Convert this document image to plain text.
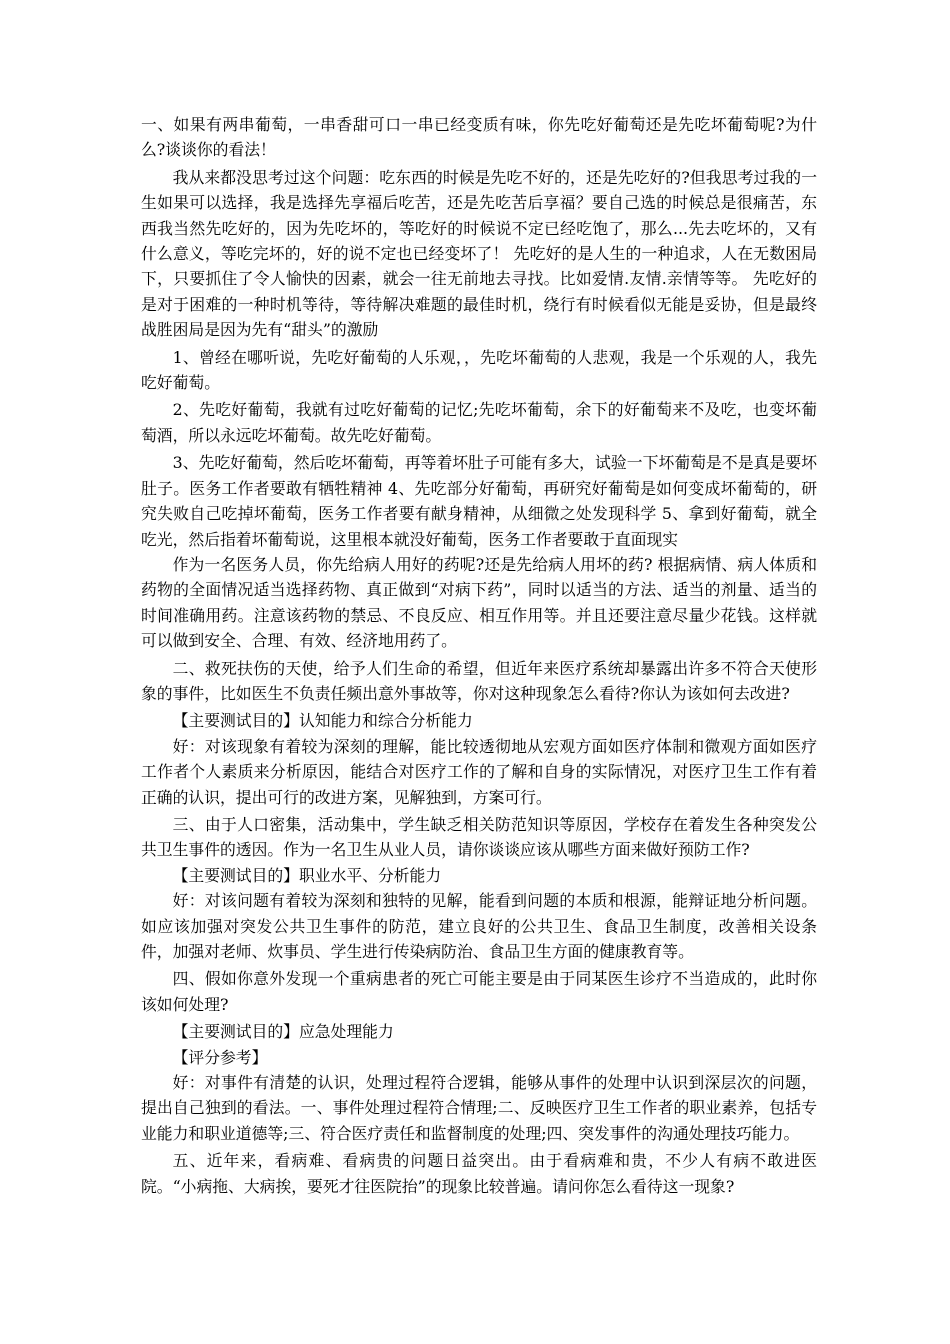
一、如果有两串葡萄，一串香甜可口一串已经变质有味，你先吃好葡萄还是先吃坏葡萄呢?为什么?谈谈你的看法！

我从来都没思考过这个问题：吃东西的时候是先吃不好的，还是先吃好的?但我思考过我的一生如果可以选择，我是选择先享福后吃苦，还是先吃苦后享福？要自己选的时候总是很痛苦，东西我当然先吃好的，因为先吃坏的，等吃好的时候说不定已经吃饱了，那么...先去吃坏的，又有什么意义，等吃完坏的，好的说不定也已经变坏了！ 先吃好的是人生的一种追求，人在无数困局下，只要抓住了令人愉快的因素，就会一往无前地去寻找。比如爱情.友情.亲情等等。 先吃好的是对于困难的一种时机等待，等待解决难题的最佳时机，绕行有时候看似无能是妥协，但是最终战胜困局是因为先有“甜头”的激励

1、曾经在哪听说，先吃好葡萄的人乐观，，先吃坏葡萄的人悲观，我是一个乐观的人，我先吃好葡萄。

2、先吃好葡萄，我就有过吃好葡萄的记忆;先吃坏葡萄，余下的好葡萄来不及吃，也变坏葡萄酒，所以永远吃坏葡萄。故先吃好葡萄。

3、先吃好葡萄，然后吃坏葡萄，再等着坏肚子可能有多大，试验一下坏葡萄是不是真是要坏肚子。医务工作者要敢有牺牲精神 4、先吃部分好葡萄，再研究好葡萄是如何变成坏葡萄的，研究失败自己吃掉坏葡萄，医务工作者要有献身精神，从细微之处发现科学 5、拿到好葡萄，就全吃光，然后指着坏葡萄说，这里根本就没好葡萄，医务工作者要敢于直面现实

作为一名医务人员，你先给病人用好的药呢?还是先给病人用坏的药? 根据病情、病人体质和药物的全面情况适当选择药物、真正做到“对病下药”，同时以适当的方法、适当的剂量、适当的时间准确用药。注意该药物的禁忌、不良反应、相互作用等。并且还要注意尽量少花钱。这样就可以做到安全、合理、有效、经济地用药了。

二、救死扶伤的天使，给予人们生命的希望，但近年来医疗系统却暴露出许多不符合天使形象的事件，比如医生不负责任频出意外事故等，你对这种现象怎么看待?你认为该如何去改进?

【主要测试目的】认知能力和综合分析能力

好：对该现象有着较为深刻的理解，能比较透彻地从宏观方面如医疗体制和微观方面如医疗工作者个人素质来分析原因，能结合对医疗工作的了解和自身的实际情况，对医疗卫生工作有着正确的认识，提出可行的改进方案，见解独到，方案可行。

三、由于人口密集，活动集中，学生缺乏相关防范知识等原因，学校存在着发生各种突发公共卫生事件的透因。作为一名卫生从业人员，请你谈谈应该从哪些方面来做好预防工作?

【主要测试目的】职业水平、分析能力

好：对该问题有着较为深刻和独特的见解，能看到问题的本质和根源，能辩证地分析问题。如应该加强对突发公共卫生事件的防范，建立良好的公共卫生、食品卫生制度，改善相关设条件，加强对老师、炊事员、学生进行传染病防治、食品卫生方面的健康教育等。

四、假如你意外发现一个重病患者的死亡可能主要是由于同某医生诊疗不当造成的，此时你该如何处理?

【主要测试目的】应急处理能力

【评分参考】

好：对事件有清楚的认识，处理过程符合逻辑，能够从事件的处理中认识到深层次的问题，提出自己独到的看法。一、事件处理过程符合情理;二、反映医疗卫生工作者的职业素养，包括专业能力和职业道德等;三、符合医疗责任和监督制度的处理;四、突发事件的沟通处理技巧能力。

五、近年来，看病难、看病贵的问题日益突出。由于看病难和贵，不少人有病不敢进医院。“小病拖、大病挨，要死才往医院抬”的现象比较普遍。请问你怎么看待这一现象?
